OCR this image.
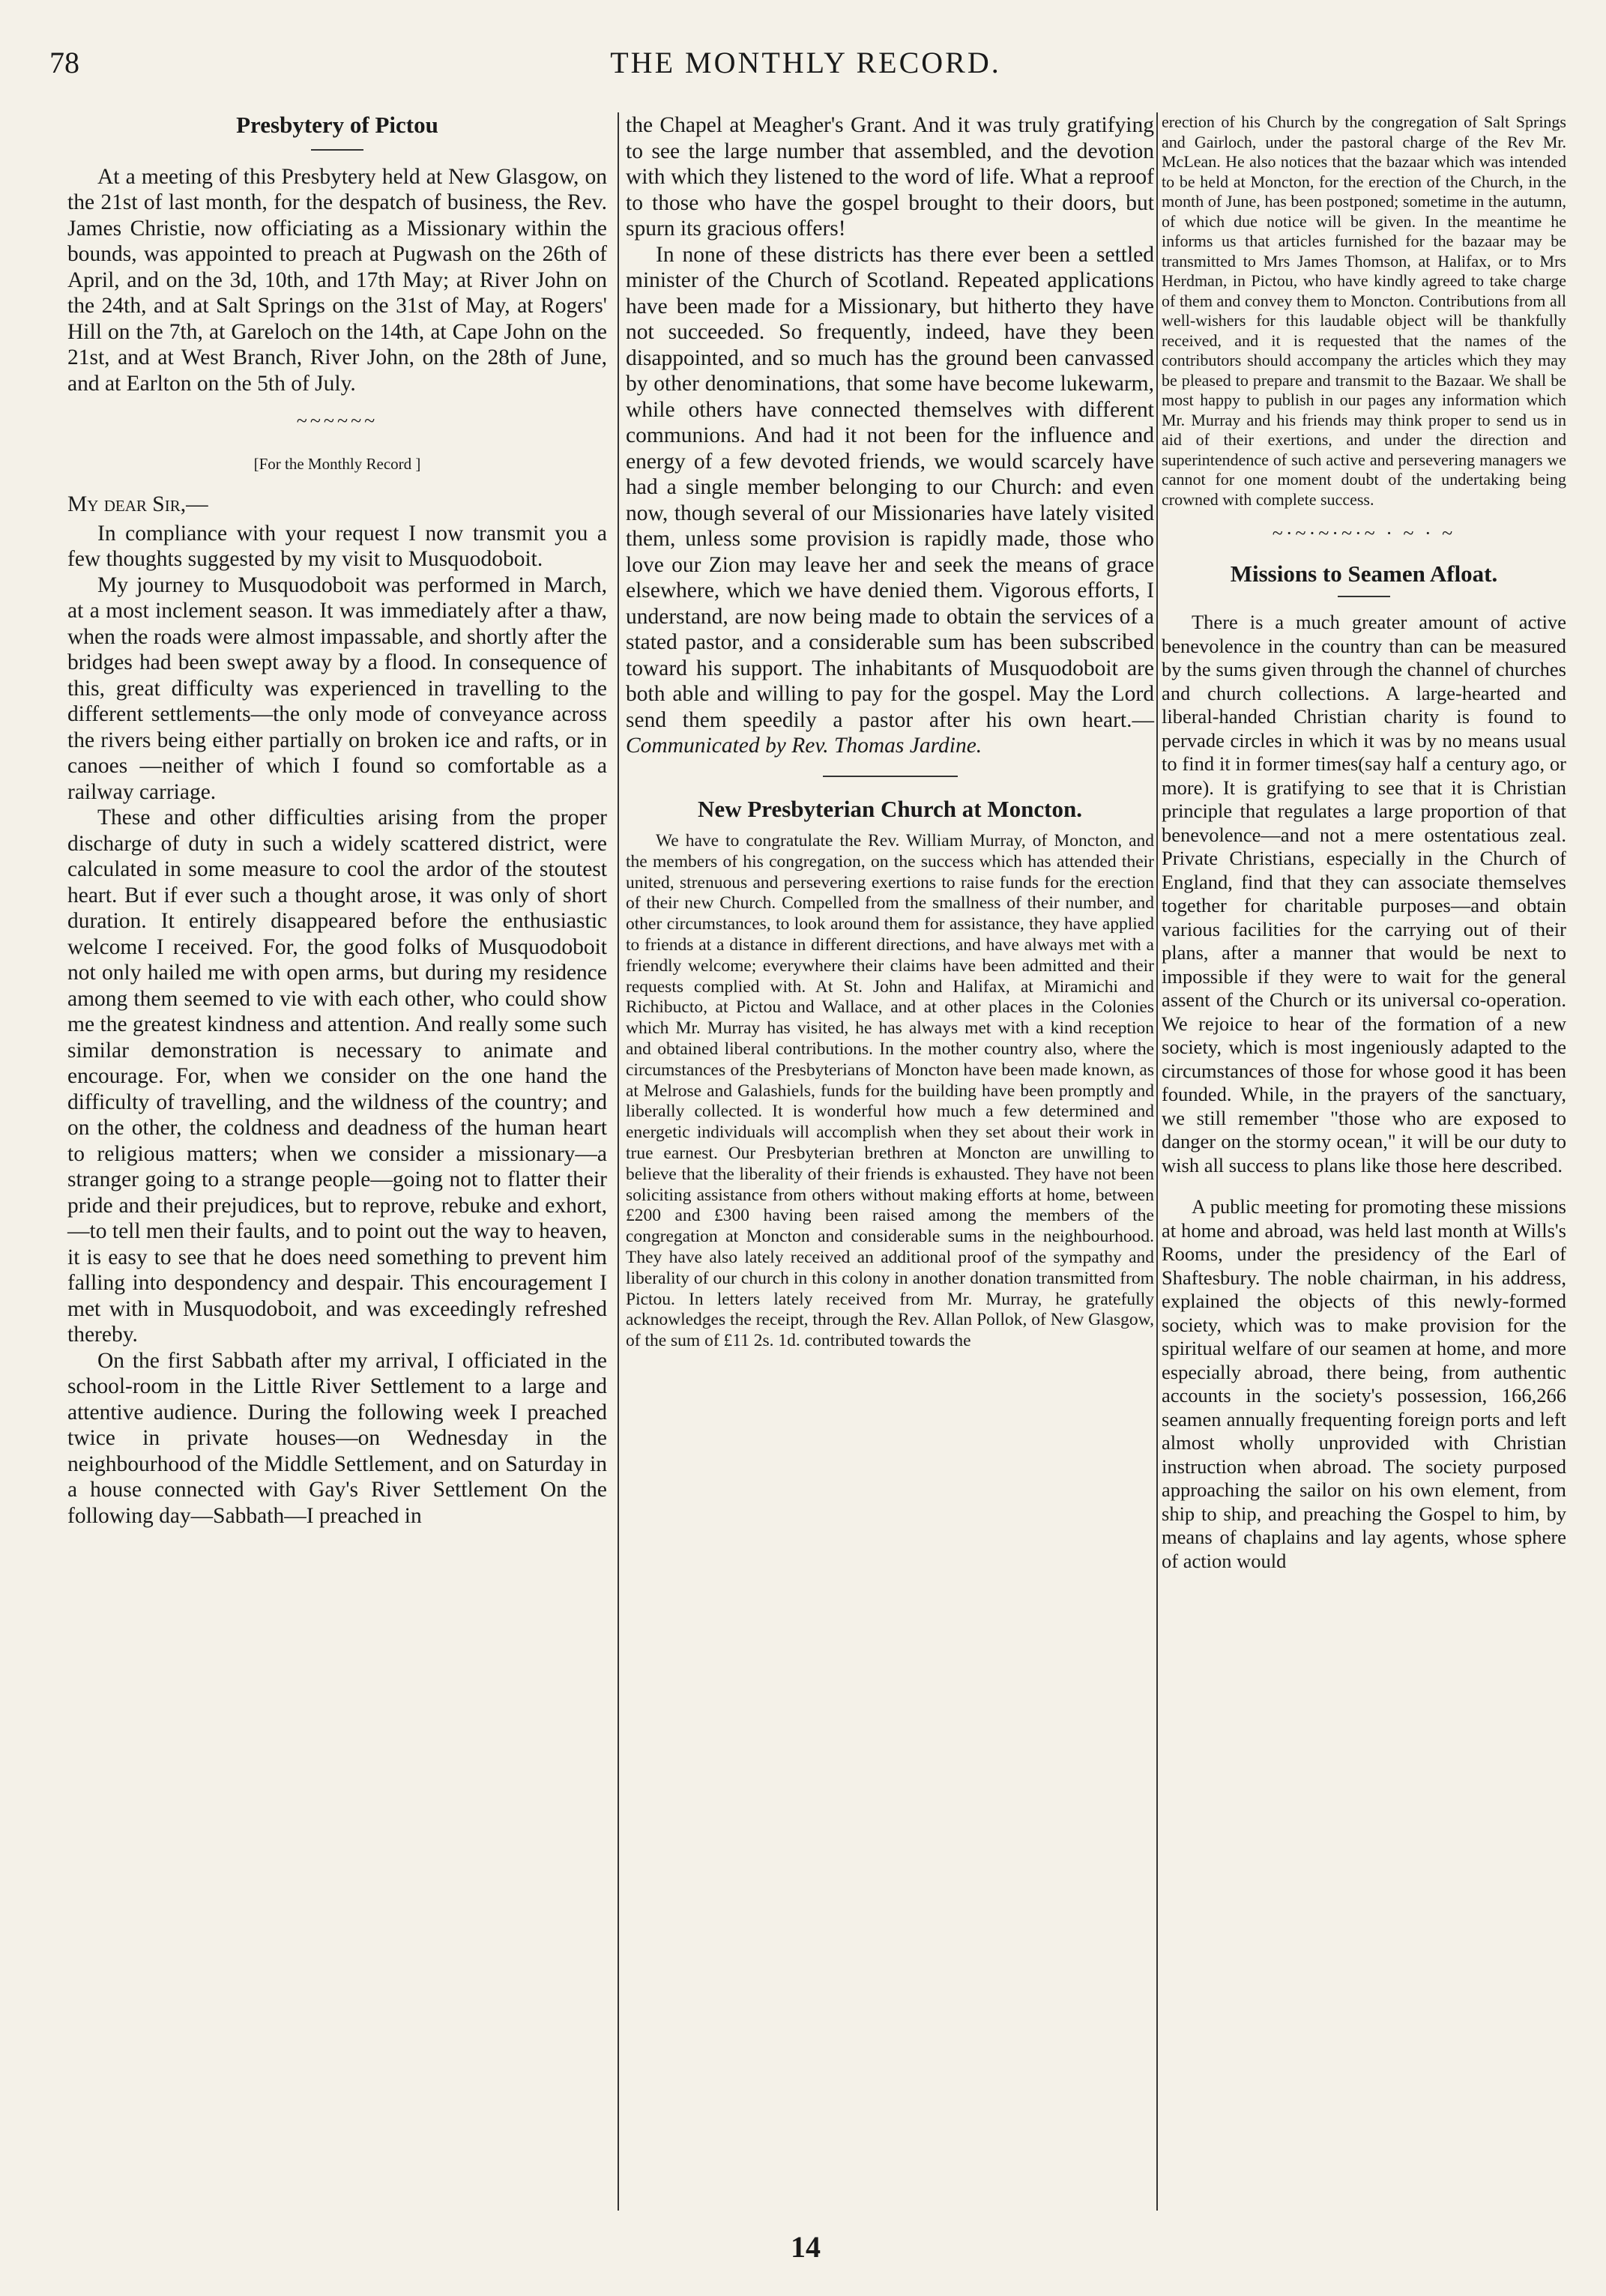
78	THE MONTHLY RECORD.
Presbytery of Pictou

At a meeting of this Presbytery held at New Glasgow, on the 21st of last month, for the despatch of business, the Rev. James Christie, now officiating as a Missionary within the bounds, was appointed to preach at Pugwash on the 26th of April, and on the 3d, 10th, and 17th May; at River John on the 24th, and at Salt Springs on the 31st of May, at Rogers' Hill on the 7th, at Gareloch on the 14th, at Cape John on the 21st, and at West Branch, River John, on the 28th of June, and at Earlton on the 5th of July.

~~~~~~
[For the Monthly Record ]

My dear Sir,—

In compliance with your request I now transmit you a few thoughts suggested by my visit to Musquodoboit.

My journey to Musquodoboit was performed in March, at a most inclement season. It was immediately after a thaw, when the roads were almost impassable, and shortly after the bridges had been swept away by a flood. In consequence of this, great difficulty was experienced in travelling to the different settlements—the only mode of conveyance across the rivers being either partially on broken ice and rafts, or in canoes —neither of which I found so comfortable as a railway carriage.

These and other difficulties arising from the proper discharge of duty in such a widely scattered district, were calculated in some measure to cool the ardor of the stoutest heart. But if ever such a thought arose, it was only of short duration. It entirely disappeared before the enthusiastic welcome I received. For, the good folks of Musquodoboit not only hailed me with open arms, but during my residence among them seemed to vie with each other, who could show me the greatest kindness and attention. And really some such similar demonstration is necessary to animate and encourage. For, when we consider on the one hand the difficulty of travelling, and the wildness of the country; and on the other, the coldness and deadness of the human heart to religious matters; when we consider a missionary—a stranger going to a strange people—going not to flatter their pride and their prejudices, but to reprove, rebuke and exhort,—to tell men their faults, and to point out the way to heaven, it is easy to see that he does need something to prevent him falling into despondency and despair. This encouragement I met with in Musquodoboit, and was exceedingly refreshed thereby.

On the first Sabbath after my arrival, I officiated in the school-room in the Little River Settlement to a large and attentive audience. During the following week I preached twice in private houses—on Wednesday in the neighbourhood of the Middle Settlement, and on Saturday in a house connected with Gay's River Settlement On the following day—Sabbath—I preached in

the Chapel at Meagher's Grant. And it was truly gratifying to see the large number that assembled, and the devotion with which they listened to the word of life. What a reproof to those who have the gospel brought to their doors, but spurn its gracious offers!

In none of these districts has there ever been a settled minister of the Church of Scotland. Repeated applications have been made for a Missionary, but hitherto they have not succeeded. So frequently, indeed, have they been disappointed, and so much has the ground been canvassed by other denominations, that some have become lukewarm, while others have connected themselves with different communions. And had it not been for the influence and energy of a few devoted friends, we would scarcely have had a single member belonging to our Church: and even now, though several of our Missionaries have lately visited them, unless some provision is rapidly made, those who love our Zion may leave her and seek the means of grace elsewhere, which we have denied them. Vigorous efforts, I understand, are now being made to obtain the services of a stated pastor, and a considerable sum has been subscribed toward his support. The inhabitants of Musquodoboit are both able and willing to pay for the gospel. May the Lord send them speedily a pastor after his own heart.—Communicated by Rev. Thomas Jardine.

New Presbyterian Church at Moncton.

We have to congratulate the Rev. William Murray, of Moncton, and the members of his congregation, on the success which has attended their united, strenuous and persevering exertions to raise funds for the erection of their new Church. Compelled from the smallness of their number, and other circumstances, to look around them for assistance, they have applied to friends at a distance in different directions, and have always met with a friendly welcome; everywhere their claims have been admitted and their requests complied with. At St. John and Halifax, at Miramichi and Richibucto, at Pictou and Wallace, and at other places in the Colonies which Mr. Murray has visited, he has always met with a kind reception and obtained liberal contributions. In the mother country also, where the circumstances of the Presbyterians of Moncton have been made known, as at Melrose and Galashiels, funds for the building have been promptly and liberally collected. It is wonderful how much a few determined and energetic individuals will accomplish when they set about their work in true earnest. Our Presbyterian brethren at Moncton are unwilling to believe that the liberality of their friends is exhausted. They have not been soliciting assistance from others without making efforts at home, between £200 and £300 having been raised among the members of the congregation at Moncton and considerable sums in the neighbourhood. They have also lately received an additional proof of the sympathy and liberality of our church in this colony in another donation transmitted from Pictou. In letters lately received from Mr. Murray, he gratefully acknowledges the receipt, through the Rev. Allan Pollok, of New Glasgow, of the sum of £11 2s. 1d. contributed towards the

erection of his Church by the congregation of Salt Springs and Gairloch, under the pastoral charge of the Rev Mr. McLean. He also notices that the bazaar which was intended to be held at Moncton, for the erection of the Church, in the month of June, has been postponed; sometime in the autumn, of which due notice will be given. In the meantime he informs us that articles furnished for the bazaar may be transmitted to Mrs James Thomson, at Halifax, or to Mrs Herdman, in Pictou, who have kindly agreed to take charge of them and convey them to Moncton. Contributions from all well-wishers for this laudable object will be thankfully received, and it is requested that the names of the contributors should accompany the articles which they may be pleased to prepare and transmit to the Bazaar. We shall be most happy to publish in our pages any information which Mr. Murray and his friends may think proper to send us in aid of their exertions, and under the direction and superintendence of such active and persevering managers we cannot for one moment doubt of the undertaking being crowned with complete success.

~·~·~·~·~ · ~ · ~
Missions to Seamen Afloat.

There is a much greater amount of active benevolence in the country than can be measured by the sums given through the channel of churches and church collections. A large-hearted and liberal-handed Christian charity is found to pervade circles in which it was by no means usual to find it in former times(say half a century ago, or more). It is gratifying to see that it is Christian principle that regulates a large proportion of that benevolence—and not a mere ostentatious zeal. Private Christians, especially in the Church of England, find that they can associate themselves together for charitable purposes—and obtain various facilities for the carrying out of their plans, after a manner that would be next to impossible if they were to wait for the general assent of the Church or its universal co-operation. We rejoice to hear of the formation of a new society, which is most ingeniously adapted to the circumstances of those for whose good it has been founded. While, in the prayers of the sanctuary, we still remember "those who are exposed to danger on the stormy ocean," it will be our duty to wish all success to plans like those here described.

A public meeting for promoting these missions at home and abroad, was held last month at Wills's Rooms, under the presidency of the Earl of Shaftesbury. The noble chairman, in his address, explained the objects of this newly-formed society, which was to make provision for the spiritual welfare of our seamen at home, and more especially abroad, there being, from authentic accounts in the society's possession, 166,266 seamen annually frequenting foreign ports and left almost wholly unprovided with Christian instruction when abroad. The society purposed approaching the sailor on his own element, from ship to ship, and preaching the Gospel to him, by means of chaplains and lay agents, whose sphere of action would

14
